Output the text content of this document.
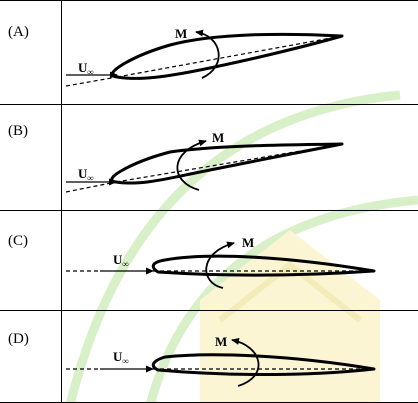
(A)
(B)
(C)
(D)
$U_\infty$
M
$U_\infty$
M
$U_\infty$
M
$U_\infty$
M
